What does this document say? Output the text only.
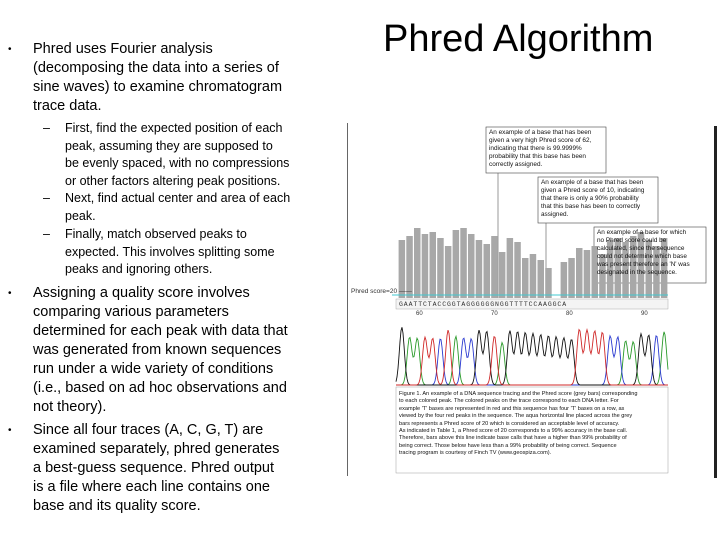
Phred Algorithm
• Phred uses Fourier analysis
(decomposing the data into a series of
sine waves) to examine chromatogram
trace data.
– First, find the expected position of each
peak, assuming they are supposed to
be evenly spaced, with no compressions
or other factors altering peak positions.
– Next, find actual center and area of each
peak.
– Finally, match observed peaks to
expected. This involves splitting some
peaks and ignoring others.
• Assigning a quality score involves
comparing various parameters
determined for each peak with data that
was generated from known sequences
run under a wide variety of conditions
(i.e., based on ad hoc observations and
not theory).
• Since all four traces (A, C, G, T) are
examined separately, phred generates
a best-guess sequence. Phred output
is a file where each line contains one
base and its quality score.
An example of a base that has been
given a very high Phred score of 62,
indicating that there is 99.9999%
probability that this base has been
correctly assigned.
An example of a base that has been
given a Phred score of 10, indicating
that there is only a 90% probability
that this base has been to correctly
assigned.
An example of a base for which
no Phred score could be
calculated, since the sequence
could not determine which base
was present therefore an 'N' was
designated in the sequence.
Phred score=20 ——
GAATTCTACCGGTAGGGGGGNGGTTTTCCAAGGCA
60	70	80	90
Figure 1. An example of a DNA sequence tracing and the Phred score (grey bars) corresponding
to each colored peak. The colored peaks on the trace correspond to each DNA letter. For
example 'T' bases are represented in red and this sequence has four 'T' bases on a row, as
viewed by the four red peaks in the sequence. The aqua horizontal line placed across the grey
bars represents a Phred score of 20 which is considered an acceptable level of accuracy.
As indicated in Table 1, a Phred score of 20 corresponds to a 99% accuracy in the base call.
Therefore, bars above this line indicate base calls that have a higher than 99% probability of
being correct. Those below have less than a 99% probability of being correct. Sequence
tracing program is courtesy of Finch TV (www.geospiza.com).
